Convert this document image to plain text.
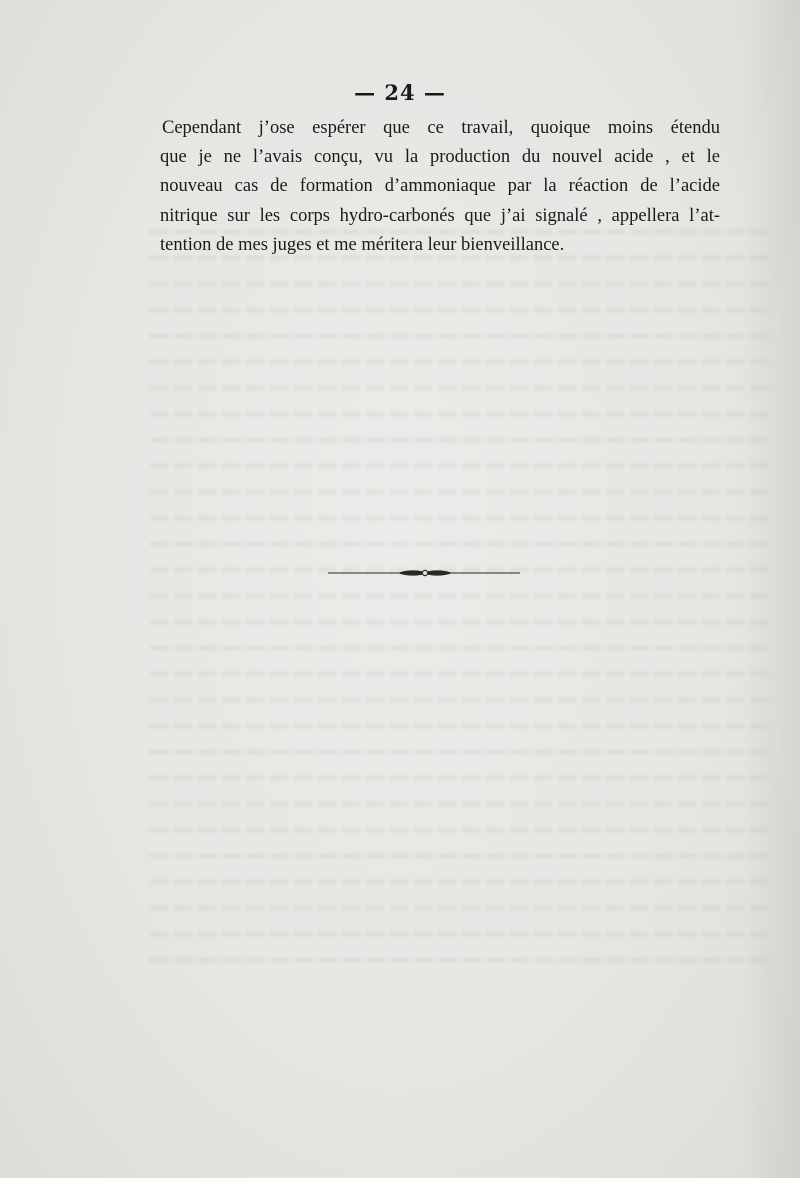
— 24 —
Cependant j’ose espérer que ce travail, quoique moins étendu
que je ne l’avais conçu, vu la production du nouvel acide , et le
nouveau cas de formation d’ammoniaque par la réaction de l’acide
nitrique sur les corps hydro-carbonés que j’ai signalé , appellera l’at-
tention de mes juges et me méritera leur bienveillance.
